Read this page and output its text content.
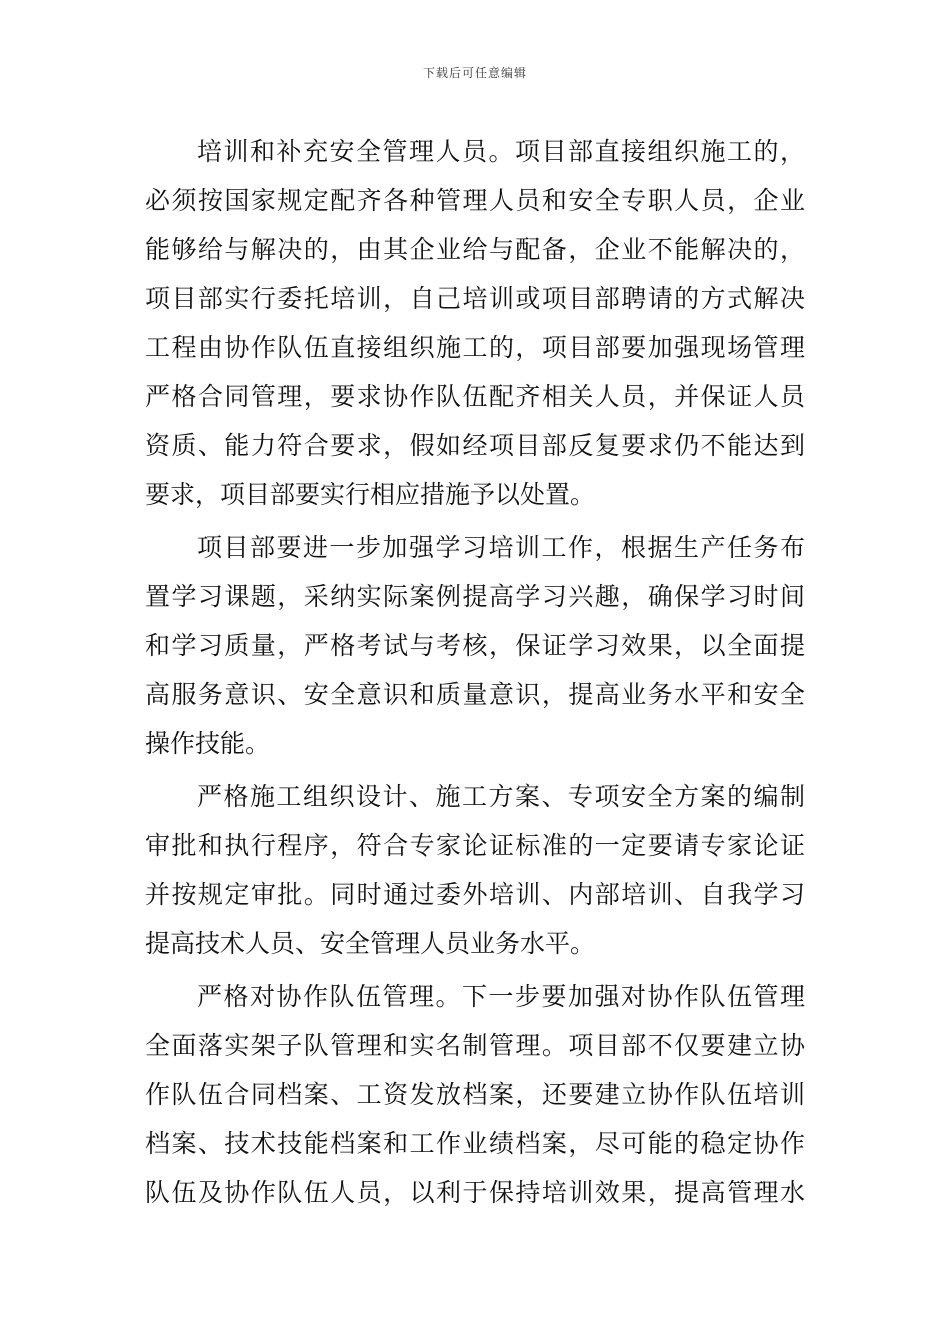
下载后可任意编辑
培训和补充安全管理人员。项目部直接组织施工的，
必须按国家规定配齐各种管理人员和安全专职人员，企业
能够给与解决的，由其企业给与配备，企业不能解决的，
项目部实行委托培训，自己培训或项目部聘请的方式解决
工程由协作队伍直接组织施工的，项目部要加强现场管理
严格合同管理，要求协作队伍配齐相关人员，并保证人员
资质、能力符合要求，假如经项目部反复要求仍不能达到
要求，项目部要实行相应措施予以处置。
项目部要进一步加强学习培训工作，根据生产任务布
置学习课题，采纳实际案例提高学习兴趣，确保学习时间
和学习质量，严格考试与考核，保证学习效果，以全面提
高服务意识、安全意识和质量意识，提高业务水平和安全
操作技能。
严格施工组织设计、施工方案、专项安全方案的编制
审批和执行程序，符合专家论证标准的一定要请专家论证
并按规定审批。同时通过委外培训、内部培训、自我学习
提高技术人员、安全管理人员业务水平。
严格对协作队伍管理。下一步要加强对协作队伍管理
全面落实架子队管理和实名制管理。项目部不仅要建立协
作队伍合同档案、工资发放档案，还要建立协作队伍培训
档案、技术技能档案和工作业绩档案，尽可能的稳定协作
队伍及协作队伍人员，以利于保持培训效果，提高管理水
